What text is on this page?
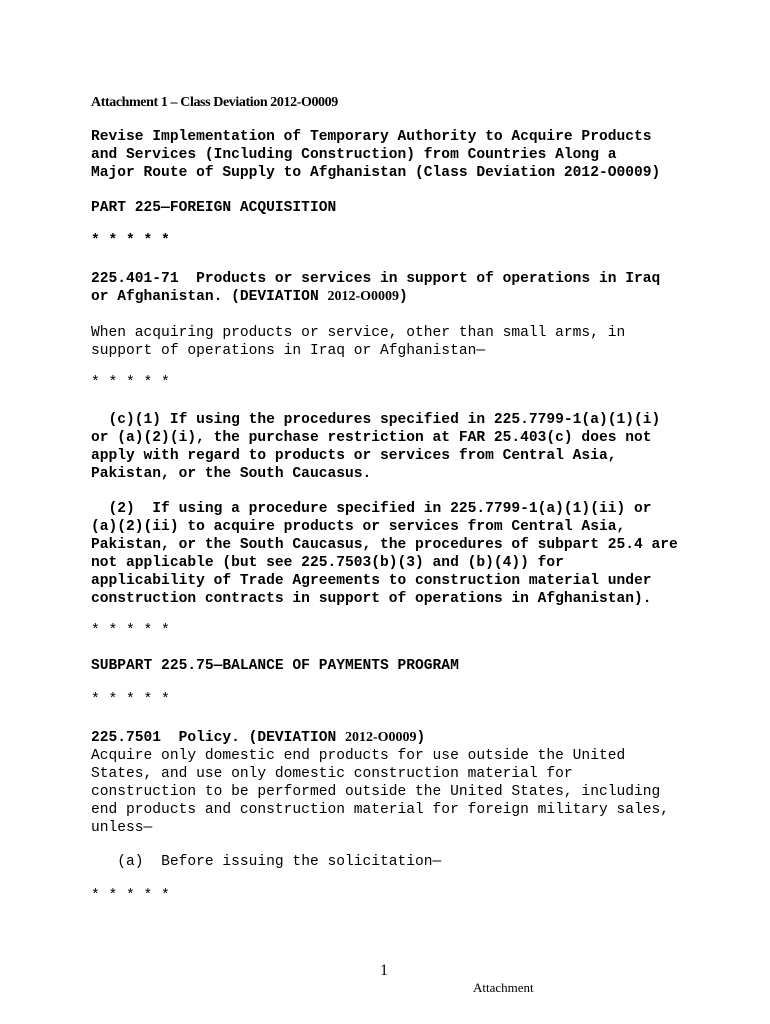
Attachment 1 – Class Deviation 2012-O0009

Revise Implementation of Temporary Authority to Acquire Products
and Services (Including Construction) from Countries Along a
Major Route of Supply to Afghanistan (Class Deviation 2012-O0009)

PART 225—FOREIGN ACQUISITION

* * * * *

225.401-71  Products or services in support of operations in Iraq
or Afghanistan. (DEVIATION 2012-O0009)

When acquiring products or service, other than small arms, in
support of operations in Iraq or Afghanistan—

* * * * *

(c)(1) If using the procedures specified in 225.7799-1(a)(1)(i)
or (a)(2)(i), the purchase restriction at FAR 25.403(c) does not
apply with regard to products or services from Central Asia,
Pakistan, or the South Caucasus.

(2)  If using a procedure specified in 225.7799-1(a)(1)(ii) or
(a)(2)(ii) to acquire products or services from Central Asia,
Pakistan, or the South Caucasus, the procedures of subpart 25.4 are
not applicable (but see 225.7503(b)(3) and (b)(4)) for
applicability of Trade Agreements to construction material under
construction contracts in support of operations in Afghanistan).

* * * * *

SUBPART 225.75—BALANCE OF PAYMENTS PROGRAM

* * * * *

225.7501  Policy. (DEVIATION 2012-O0009)

Acquire only domestic end products for use outside the United
States, and use only domestic construction material for
construction to be performed outside the United States, including
end products and construction material for foreign military sales,
unless—

(a)  Before issuing the solicitation—

* * * * *

1
Attachment
